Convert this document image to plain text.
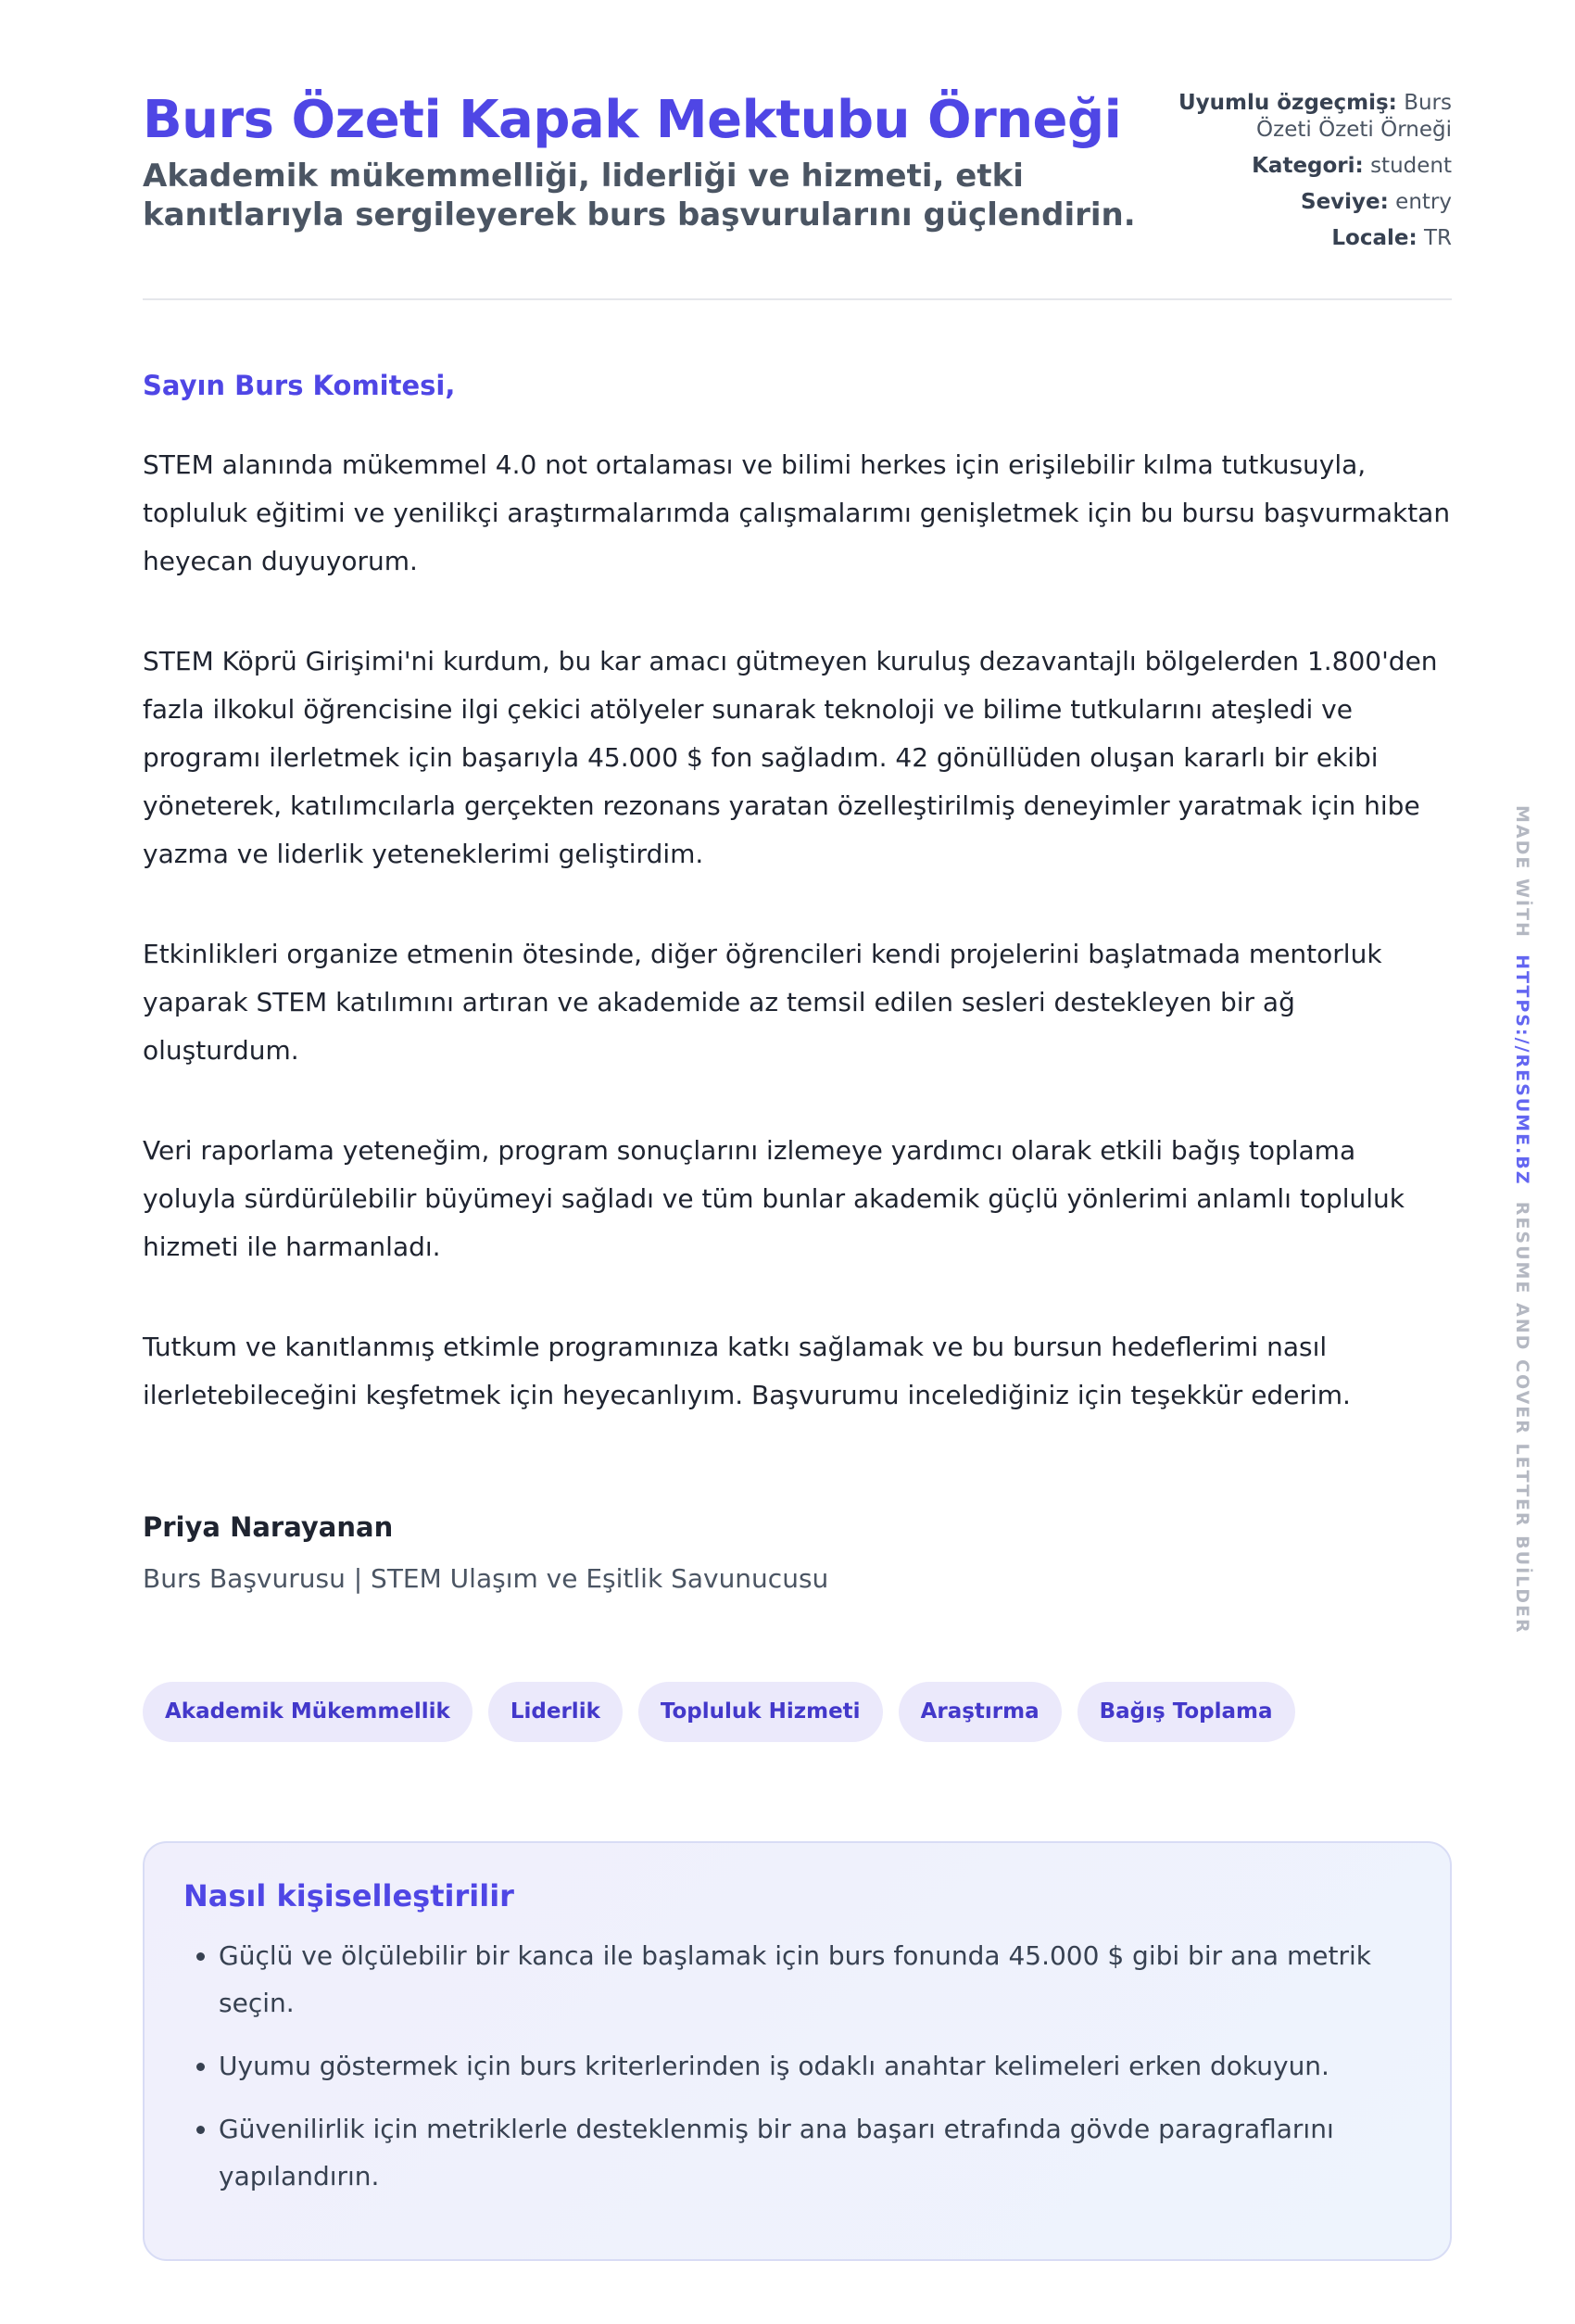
Burs Özeti Kapak Mektubu Örneği
Akademik mükemmelliği, liderliği ve hizmeti, etki kanıtlarıyla sergileyerek burs başvurularını güçlendirin.
Uyumlu özgeçmiş: Burs Özeti Özeti Örneği
Kategori: student
Seviye: entry
Locale: TR
Sayın Burs Komitesi,

STEM alanında mükemmel 4.0 not ortalaması ve bilimi herkes için erişilebilir kılma tutkusuyla, topluluk eğitimi ve yenilikçi araştırmalarımda çalışmalarımı genişletmek için bu bursu başvurmaktan heyecan duyuyorum.

STEM Köprü Girişimi'ni kurdum, bu kar amacı gütmeyen kuruluş dezavantajlı bölgelerden 1.800'den fazla ilkokul öğrencisine ilgi çekici atölyeler sunarak teknoloji ve bilime tutkularını ateşledi ve programı ilerletmek için başarıyla 45.000 $ fon sağladım. 42 gönüllüden oluşan kararlı bir ekibi yöneterek, katılımcılarla gerçekten rezonans yaratan özelleştirilmiş deneyimler yaratmak için hibe yazma ve liderlik yeteneklerimi geliştirdim.

Etkinlikleri organize etmenin ötesinde, diğer öğrencileri kendi projelerini başlatmada mentorluk yaparak STEM katılımını artıran ve akademide az temsil edilen sesleri destekleyen bir ağ oluşturdum.

Veri raporlama yeteneğim, program sonuçlarını izlemeye yardımcı olarak etkili bağış toplama yoluyla sürdürülebilir büyümeyi sağladı ve tüm bunlar akademik güçlü yönlerimi anlamlı topluluk hizmeti ile harmanladı.

Tutkum ve kanıtlanmış etkimle programınıza katkı sağlamak ve bu bursun hedeflerimi nasıl ilerletebileceğini keşfetmek için heyecanlıyım. Başvurumu incelediğiniz için teşekkür ederim.

Priya Narayanan
Burs Başvurusu | STEM Ulaşım ve Eşitlik Savunucusu
Akademik Mükemmellik	Liderlik	Topluluk Hizmeti	Araştırma	Bağış Toplama
Nasıl kişiselleştirilir
• Güçlü ve ölçülebilir bir kanca ile başlamak için burs fonunda 45.000 $ gibi bir ana metrik seçin.
• Uyumu göstermek için burs kriterlerinden iş odaklı anahtar kelimeleri erken dokuyun.
• Güvenilirlik için metriklerle desteklenmiş bir ana başarı etrafında gövde paragraflarını yapılandırın.
MADE WİTH  HTTPS://RESUME.BZ  RESUME AND COVER LETTER BUİLDER
